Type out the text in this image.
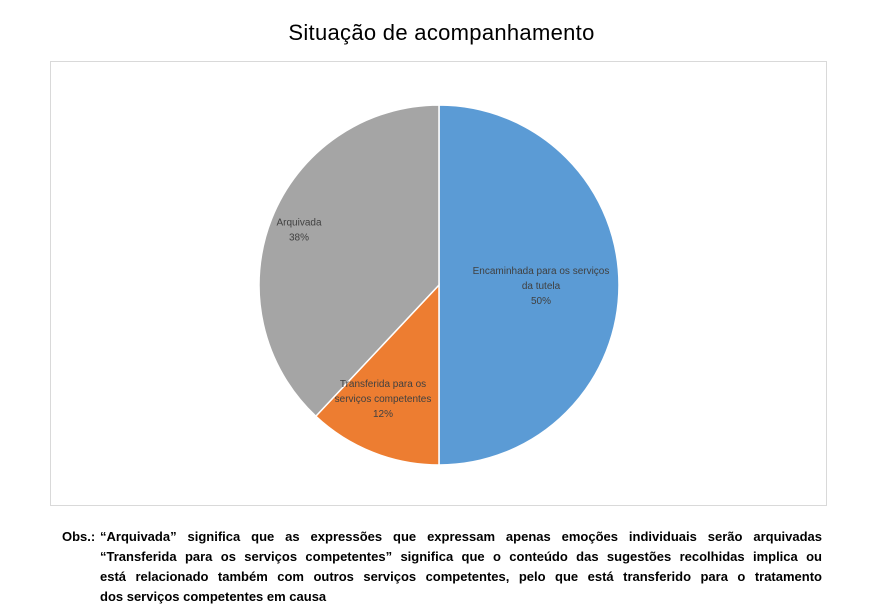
Situação de acompanhamento
Encaminhada para os serviços da tutela 50%
Transferida para os serviços competentes 12%
Arquivada 38%
Obs.: “Arquivada” significa que as expressões que expressam apenas emoções individuais serão arquivadas
“Transferida para os serviços competentes” significa que o conteúdo das sugestões recolhidas implica ou
está relacionado também com outros serviços competentes, pelo que está transferido para o tratamento
dos serviços competentes em causa
